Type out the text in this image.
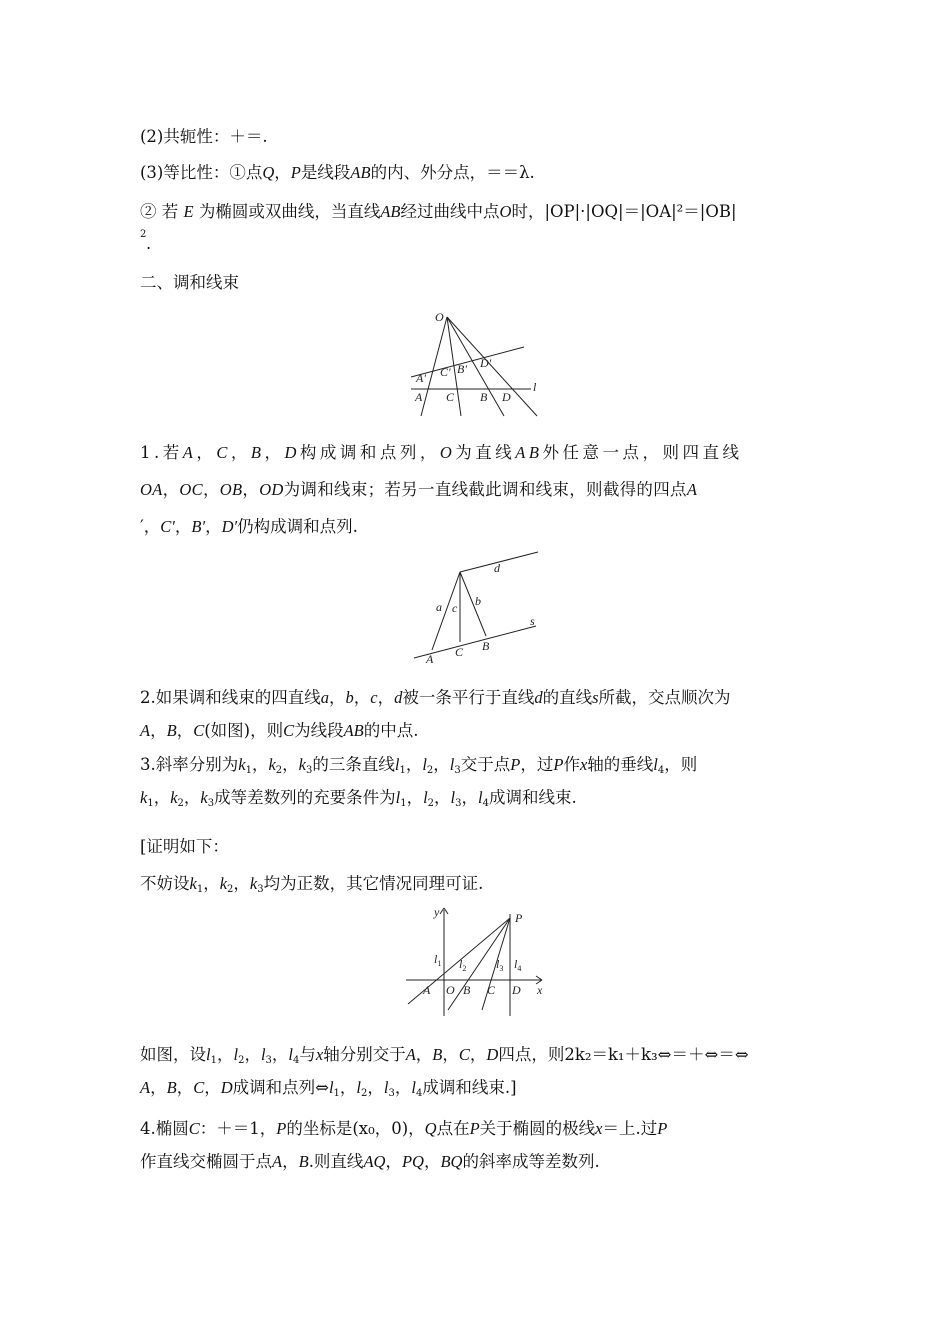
(2)共轭性：＋＝.

(3)等比性：①点Q，P是线段AB的内、外分点，＝＝λ.

② 若 E 为椭圆或双曲线，当直线AB经过曲线中点O时，|OP|·|OQ|＝|OA|²＝|OB|

2 .

二、调和线束

O
A' C' B' D'
l
A C B D

1.若A，C，B，D构成调和点列，O为直线AB外任意一点，则四直线

OA，OC，OB，OD为调和线束；若另一直线截此调和线束，则截得的四点A

′，C′，B′，D′仍构成调和点列.

d
a c b
s
A C B

2.如果调和线束的四直线a，b，c，d被一条平行于直线d的直线s所截，交点顺次为

A，B，C(如图)，则C为线段AB的中点.

3.斜率分别为$k_1$，$k_2$，$k_3$的三条直线$l_1$，$l_2$，$l_3$交于点P，过P作x轴的垂线$l_4$，则

$k_1$，$k_2$，$k_3$成等差数列的充要条件为$l_1$，$l_2$，$l_3$，$l_4$成调和线束.

[证明如下：

不妨设$k_1$，$k_2$，$k_3$均为正数，其它情况同理可证.

y	P
$l_1$ $l_2$ $l_3$ $l_4$
A O B C D x

如图，设$l_1$，$l_2$，$l_3$，$l_4$与x轴分别交于A，B，C，D四点，则2k₂＝k₁＋k₃⇔＝＋⇔＝⇔

A，B，C，D成调和点列$\Leftrightarrow l_1$，$l_2$，$l_3$，$l_4$成调和线束.]

4.椭圆C：＋＝1，P的坐标是(x₀，0)，Q点在P关于椭圆的极线x＝上.过P

作直线交椭圆于点A，B.则直线AQ，PQ，BQ的斜率成等差数列.
